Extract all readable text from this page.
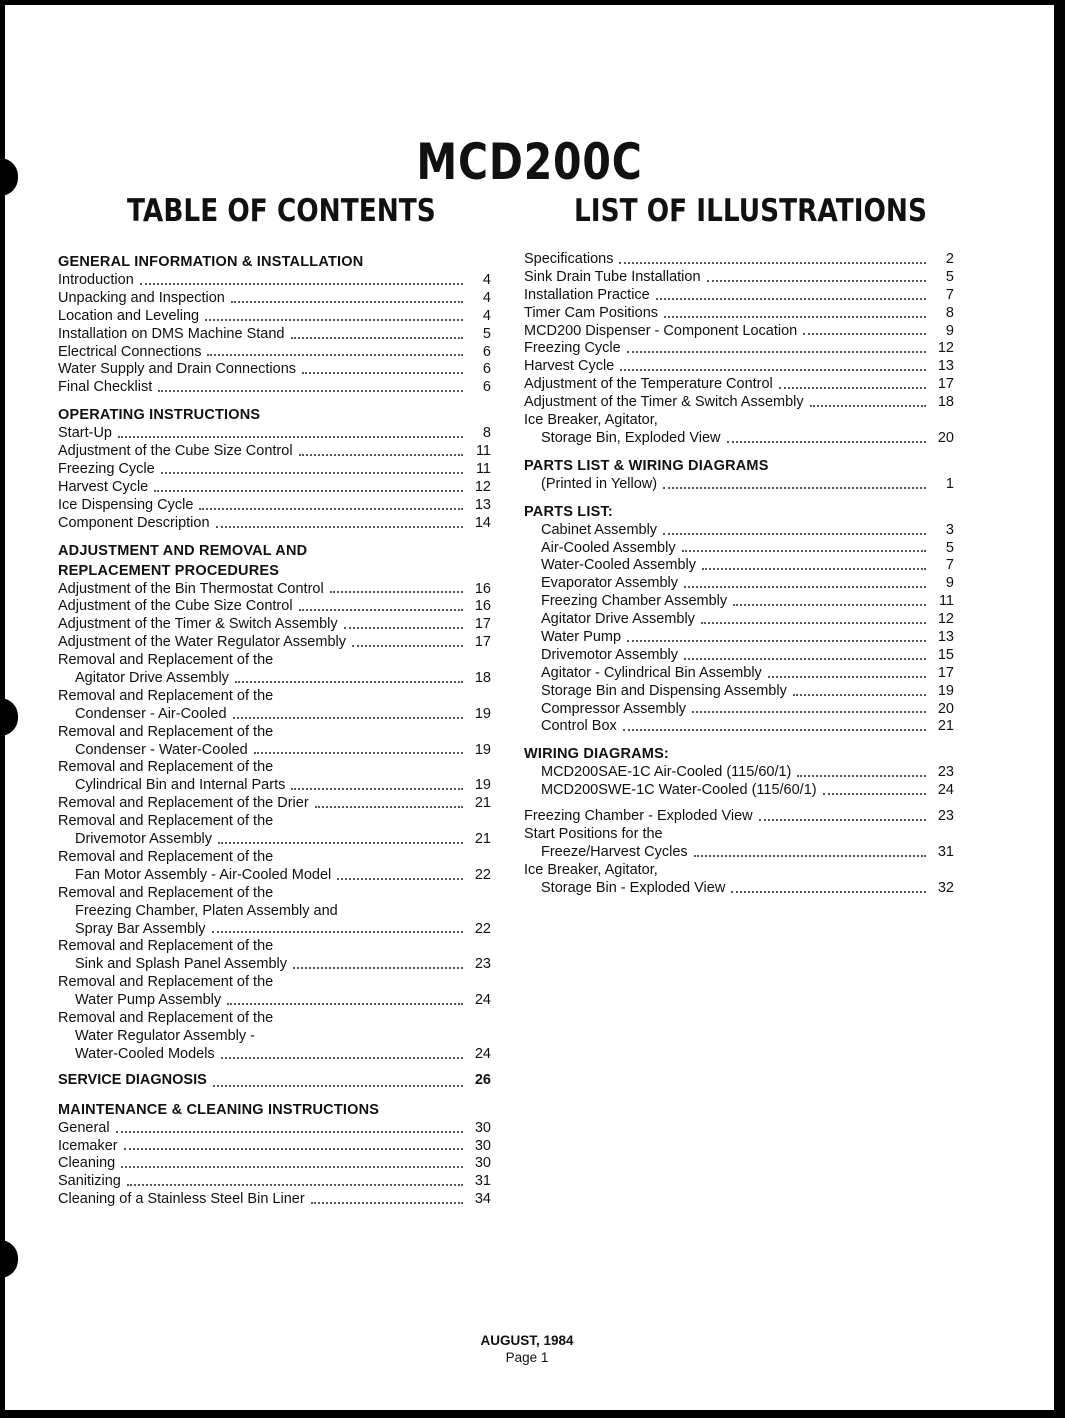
MCD200C
TABLE OF CONTENTS	LIST OF ILLUSTRATIONS
GENERAL INFORMATION & INSTALLATION
Introduction	4
Unpacking and Inspection	4
Location and Leveling	4
Installation on DMS Machine Stand	5
Electrical Connections	6
Water Supply and Drain Connections	6
Final Checklist	6
OPERATING INSTRUCTIONS
Start-Up	8
Adjustment of the Cube Size Control	11
Freezing Cycle	11
Harvest Cycle	12
Ice Dispensing Cycle	13
Component Description	14
ADJUSTMENT AND REMOVAL AND
REPLACEMENT PROCEDURES
Adjustment of the Bin Thermostat Control	16
Adjustment of the Cube Size Control	16
Adjustment of the Timer & Switch Assembly	17
Adjustment of the Water Regulator Assembly	17
Removal and Replacement of the
Agitator Drive Assembly	18
Removal and Replacement of the
Condenser - Air-Cooled	19
Removal and Replacement of the
Condenser - Water-Cooled	19
Removal and Replacement of the
Cylindrical Bin and Internal Parts	19
Removal and Replacement of the Drier	21
Removal and Replacement of the
Drivemotor Assembly	21
Removal and Replacement of the
Fan Motor Assembly - Air-Cooled Model	22
Removal and Replacement of the
Freezing Chamber, Platen Assembly and
Spray Bar Assembly	22
Removal and Replacement of the
Sink and Splash Panel Assembly	23
Removal and Replacement of the
Water Pump Assembly	24
Removal and Replacement of the
Water Regulator Assembly -
Water-Cooled Models	24
SERVICE DIAGNOSIS	26
MAINTENANCE & CLEANING INSTRUCTIONS
General	30
Icemaker	30
Cleaning	30
Sanitizing	31
Cleaning of a Stainless Steel Bin Liner	34
Specifications	2
Sink Drain Tube Installation	5
Installation Practice	7
Timer Cam Positions	8
MCD200 Dispenser - Component Location	9
Freezing Cycle	12
Harvest Cycle	13
Adjustment of the Temperature Control	17
Adjustment of the Timer & Switch Assembly	18
Ice Breaker, Agitator,
Storage Bin, Exploded View	20
PARTS LIST & WIRING DIAGRAMS
(Printed in Yellow)	1
PARTS LIST:
Cabinet Assembly	3
Air-Cooled Assembly	5
Water-Cooled Assembly	7
Evaporator Assembly	9
Freezing Chamber Assembly	11
Agitator Drive Assembly	12
Water Pump	13
Drivemotor Assembly	15
Agitator - Cylindrical Bin Assembly	17
Storage Bin and Dispensing Assembly	19
Compressor Assembly	20
Control Box	21
WIRING DIAGRAMS:
MCD200SAE-1C Air-Cooled (115/60/1)	23
MCD200SWE-1C Water-Cooled (115/60/1)	24
Freezing Chamber - Exploded View	23
Start Positions for the
Freeze/Harvest Cycles	31
Ice Breaker, Agitator,
Storage Bin - Exploded View	32
AUGUST, 1984
Page 1
